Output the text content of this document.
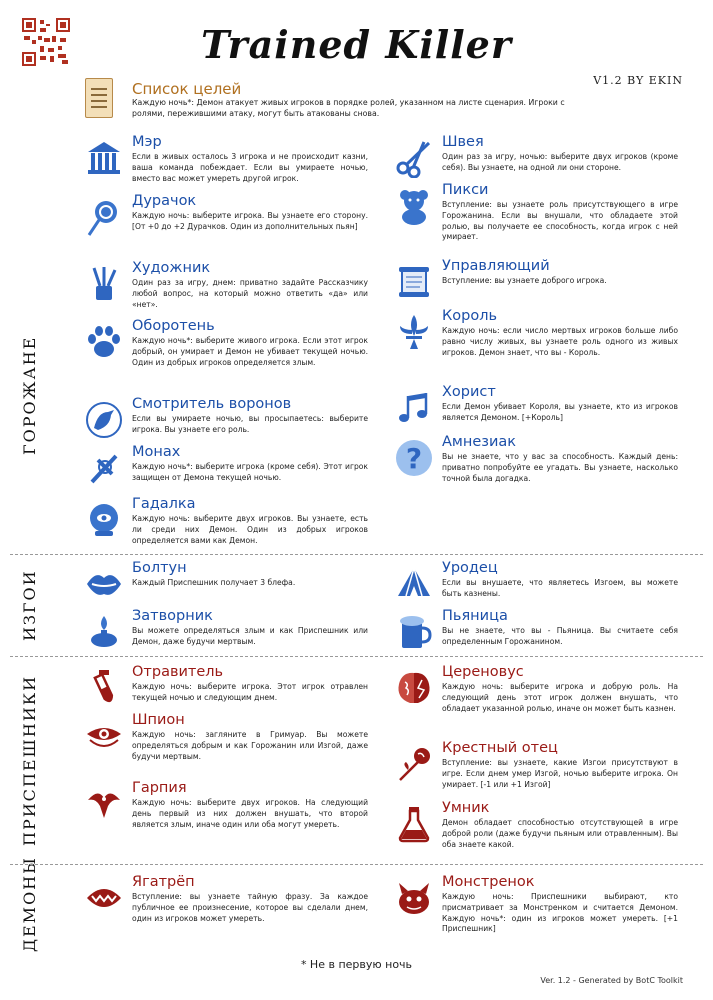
Trained Killer
V1.2 BY EKIN
Список целей
Каждую ночь*: Демон атакует живых игроков в порядке ролей, указанном на листе сценария. Игроки с ролями, пережившими атаку, могут быть атакованы снова.
ГОРОЖАНЕ
ИЗГОИ
ПРИСПЕШНИКИ
ДЕМОНЫ
Мэр
Если в живых осталось 3 игрока и не происходит казни, ваша команда побеждает. Если вы умираете ночью, вместо вас может умереть другой игрок.
Дурачок
Каждую ночь: выберите игрока. Вы узнаете его сторону. [От +0 до +2 Дурачков. Один из дополнительных пьян]
Художник
Один раз за игру, днем: приватно задайте Рассказчику любой вопрос, на который можно ответить «да» или «нет».
Оборотень
Каждую ночь*: выберите живого игрока. Если этот игрок добрый, он умирает и Демон не убивает текущей ночью. Один из добрых игроков определяется злым.
Смотритель воронов
Если вы умираете ночью, вы просыпаетесь: выберите игрока. Вы узнаете его роль.
Монах
Каждую ночь*: выберите игрока (кроме себя). Этот игрок защищен от Демона текущей ночью.
Гадалка
Каждую ночь: выберите двух игроков. Вы узнаете, есть ли среди них Демон. Один из добрых игроков определяется вами как Демон.
Швея
Один раз за игру, ночью: выберите двух игроков (кроме себя). Вы узнаете, на одной ли они стороне.
Пикси
Вступление: вы узнаете роль присутствующего в игре Горожанина. Если вы внушали, что обладаете этой ролью, вы получаете ее способность, когда игрок с ней умирает.
Управляющий
Вступление: вы узнаете доброго игрока.
Король
Каждую ночь: если число мертвых игроков больше либо равно числу живых, вы узнаете роль одного из живых игроков. Демон знает, что вы - Король.
Хорист
Если Демон убивает Короля, вы узнаете, кто из игроков является Демоном. [+Король]
? Амнезиак
Вы не знаете, что у вас за способность. Каждый день: приватно попробуйте ее угадать. Вы узнаете, насколько точной была догадка.
Болтун
Каждый Приспешник получает 3 блефа.
Затворник
Вы можете определяться злым и как Приспешник или Демон, даже будучи мертвым.
Уродец
Если вы внушаете, что являетесь Изгоем, вы можете быть казнены.
Пьяница
Вы не знаете, что вы - Пьяница. Вы считаете себя определенным Горожанином.
Отравитель
Каждую ночь: выберите игрока. Этот игрок отравлен текущей ночью и следующим днем.
Шпион
Каждую ночь: загляните в Гримуар. Вы можете определяться добрым и как Горожанин или Изгой, даже будучи мертвым.
Гарпия
Каждую ночь: выберите двух игроков. На следующий день первый из них должен внушать, что второй является злым, иначе один или оба могут умереть.
Цереновус
Каждую ночь: выберите игрока и добрую роль. На следующий день этот игрок должен внушать, что обладает указанной ролью, иначе он может быть казнен.
Крестный отец
Вступление: вы узнаете, какие Изгои присутствуют в игре. Если днем умер Изгой, ночью выберите игрока. Он умирает. [-1 или +1 Изгой]
Умник
Демон обладает способностью отсутствующей в игре доброй роли (даже будучи пьяным или отравленным). Вы оба знаете какой.
Ягатрёп
Вступление: вы узнаете тайную фразу. За каждое публичное ее произнесение, которое вы сделали днем, один из игроков может умереть.
Монстренок
Каждую ночь: Приспешники выбирают, кто присматривает за Монстренком и считается Демоном. Каждую ночь*: один из игроков может умереть. [+1 Приспешник]
* Не в первую ночь
Ver. 1.2 - Generated by BotC Toolkit
